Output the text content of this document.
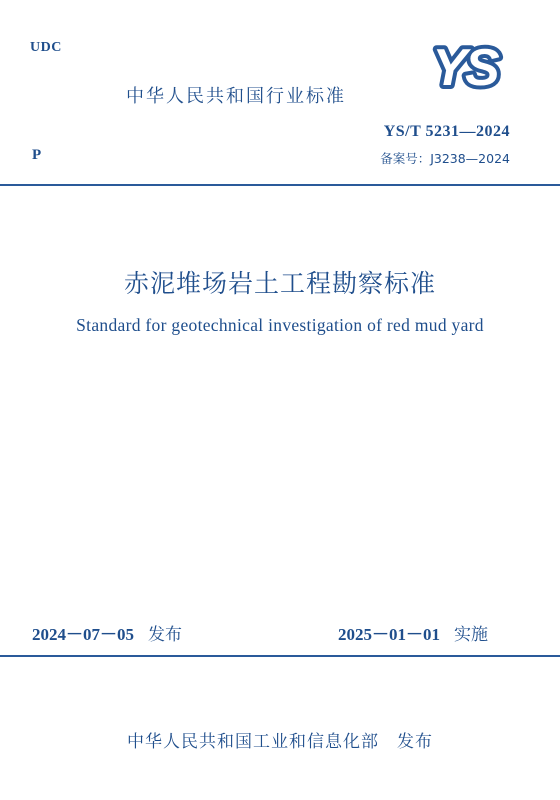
UDC
中华人民共和国行业标准 YS
YS/T 5231—2024
P	备案号：J3238—2024
赤泥堆场岩土工程勘察标准
Standard for geotechnical investigation of red mud yard
2024－07－05 发布	2025－01－01 实施
中华人民共和国工业和信息化部 发布
